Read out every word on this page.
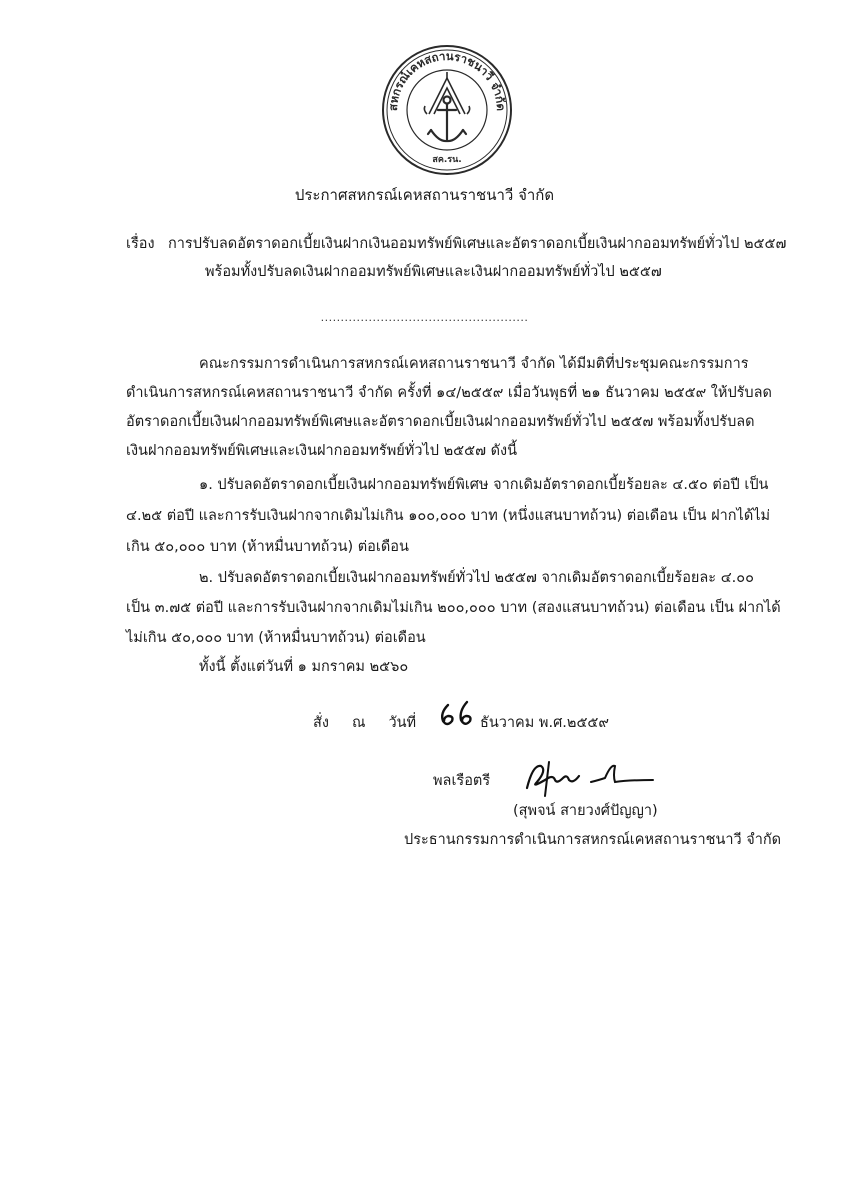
สหกรณ์เคหสถานราชนาวี จำกัด
สค.รน.
ประกาศสหกรณ์เคหสถานราชนาวี จำกัด
เรื่อง การปรับลดอัตราดอกเบี้ยเงินฝากเงินออมทรัพย์พิเศษและอัตราดอกเบี้ยเงินฝากออมทรัพย์ทั่วไป ๒๕๕๗
พร้อมทั้งปรับลดเงินฝากออมทรัพย์พิเศษและเงินฝากออมทรัพย์ทั่วไป ๒๕๕๗
....................................................
คณะกรรมการดำเนินการสหกรณ์เคหสถานราชนาวี จำกัด ได้มีมติที่ประชุมคณะกรรมการ
ดำเนินการสหกรณ์เคหสถานราชนาวี จำกัด ครั้งที่ ๑๔/๒๕๕๙ เมื่อวันพุธที่ ๒๑ ธันวาคม ๒๕๕๙ ให้ปรับลด
อัตราดอกเบี้ยเงินฝากออมทรัพย์พิเศษและอัตราดอกเบี้ยเงินฝากออมทรัพย์ทั่วไป ๒๕๕๗ พร้อมทั้งปรับลด
เงินฝากออมทรัพย์พิเศษและเงินฝากออมทรัพย์ทั่วไป ๒๕๕๗ ดังนี้
๑. ปรับลดอัตราดอกเบี้ยเงินฝากออมทรัพย์พิเศษ จากเดิมอัตราดอกเบี้ยร้อยละ ๔.๕๐ ต่อปี เป็น
๔.๒๕ ต่อปี และการรับเงินฝากจากเดิมไม่เกิน ๑๐๐,๐๐๐ บาท (หนึ่งแสนบาทถ้วน) ต่อเดือน เป็น ฝากได้ไม่
เกิน ๕๐,๐๐๐ บาท (ห้าหมื่นบาทถ้วน) ต่อเดือน
๒. ปรับลดอัตราดอกเบี้ยเงินฝากออมทรัพย์ทั่วไป ๒๕๕๗ จากเดิมอัตราดอกเบี้ยร้อยละ ๔.๐๐
เป็น ๓.๗๕ ต่อปี และการรับเงินฝากจากเดิมไม่เกิน ๒๐๐,๐๐๐ บาท (สองแสนบาทถ้วน) ต่อเดือน เป็น ฝากได้
ไม่เกิน ๕๐,๐๐๐ บาท (ห้าหมื่นบาทถ้วน) ต่อเดือน
ทั้งนี้ ตั้งแต่วันที่ ๑ มกราคม ๒๕๖๐
สั่ง     ณ     วันที่	ธันวาคม พ.ศ.๒๕๕๙
พลเรือตรี
(สุพจน์ สายวงศ์ปัญญา)
ประธานกรรมการดำเนินการสหกรณ์เคหสถานราชนาวี จำกัด
